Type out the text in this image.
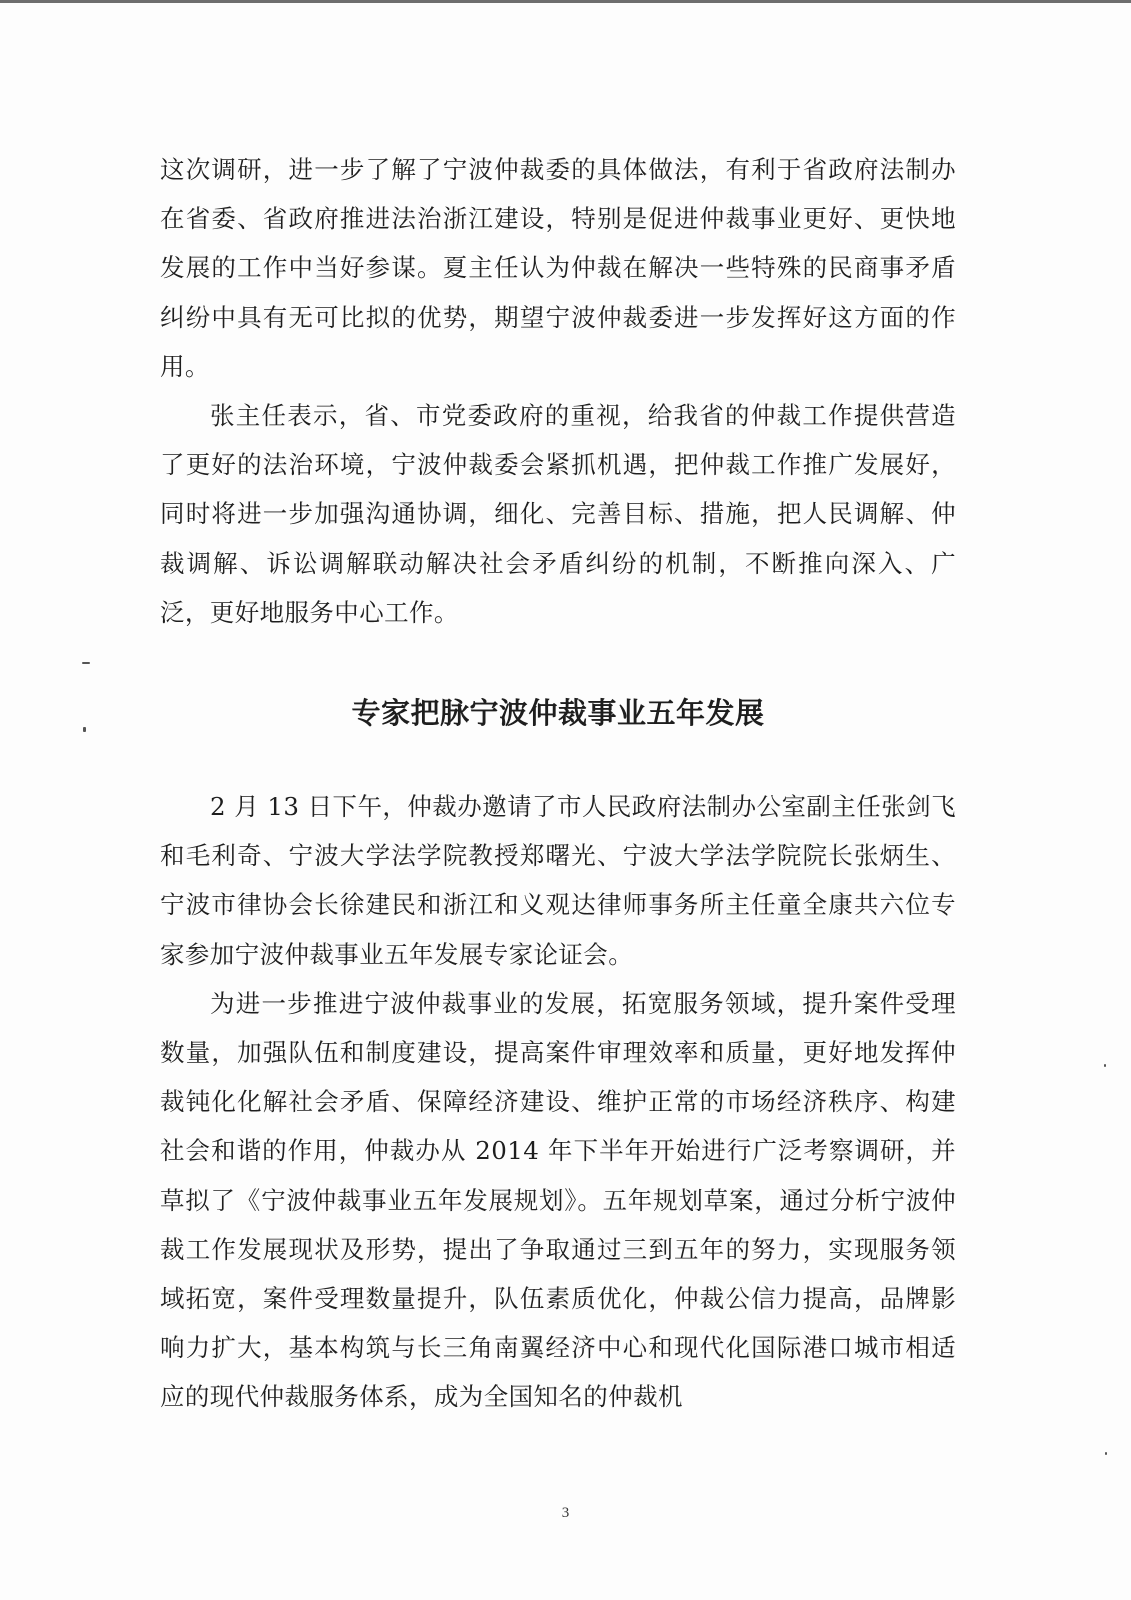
这次调研，进一步了解了宁波仲裁委的具体做法，有利于省政府法制办在省委、省政府推进法治浙江建设，特别是促进仲裁事业更好、更快地发展的工作中当好参谋。夏主任认为仲裁在解决一些特殊的民商事矛盾纠纷中具有无可比拟的优势，期望宁波仲裁委进一步发挥好这方面的作用。

张主任表示，省、市党委政府的重视，给我省的仲裁工作提供营造了更好的法治环境，宁波仲裁委会紧抓机遇，把仲裁工作推广发展好，同时将进一步加强沟通协调，细化、完善目标、措施，把人民调解、仲裁调解、诉讼调解联动解决社会矛盾纠纷的机制，不断推向深入、广泛，更好地服务中心工作。

专家把脉宁波仲裁事业五年发展

2 月 13 日下午，仲裁办邀请了市人民政府法制办公室副主任张剑飞和毛利奇、宁波大学法学院教授郑曙光、宁波大学法学院院长张炳生、宁波市律协会长徐建民和浙江和义观达律师事务所主任童全康共六位专家参加宁波仲裁事业五年发展专家论证会。

为进一步推进宁波仲裁事业的发展，拓宽服务领域，提升案件受理数量，加强队伍和制度建设，提高案件审理效率和质量，更好地发挥仲裁钝化化解社会矛盾、保障经济建设、维护正常的市场经济秩序、构建社会和谐的作用，仲裁办从 2014 年下半年开始进行广泛考察调研，并草拟了《宁波仲裁事业五年发展规划》。五年规划草案，通过分析宁波仲裁工作发展现状及形势，提出了争取通过三到五年的努力，实现服务领域拓宽，案件受理数量提升，队伍素质优化，仲裁公信力提高，品牌影响力扩大，基本构筑与长三角南翼经济中心和现代化国际港口城市相适应的现代仲裁服务体系，成为全国知名的仲裁机

3
